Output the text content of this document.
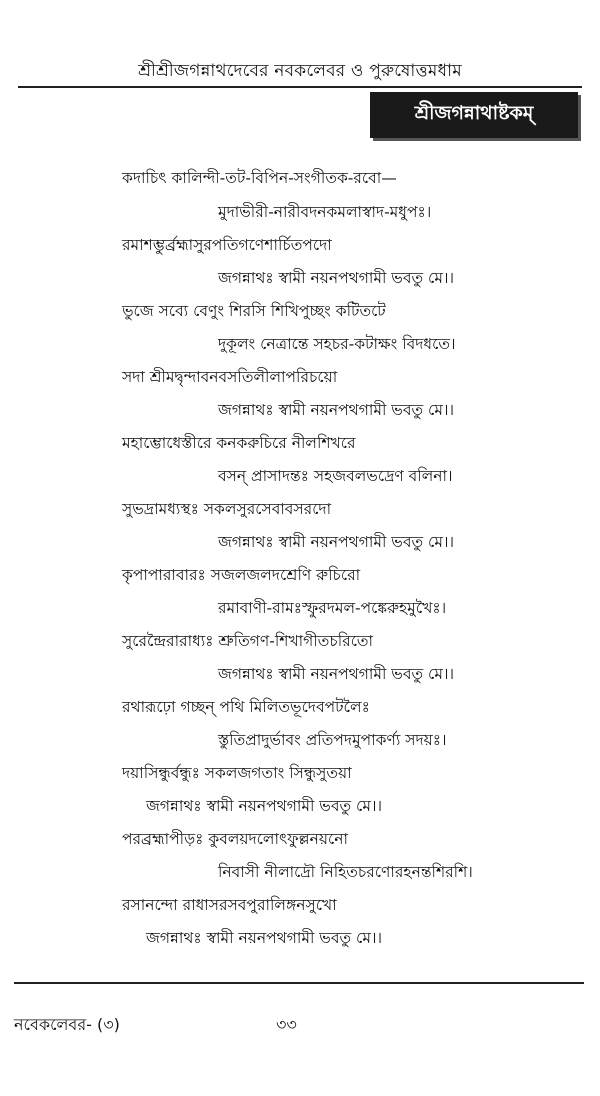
শ্রীশ্রীজগন্নাথদেবের নবকলেবর ও পুরুষোত্তমধাম
শ্রীজগন্নাথাষ্টকম্
কদাচিৎ কালিন্দী-তট-বিপিন-সংগীতক-রবো—
মুদাভীরী-নারীবদনকমলাস্বাদ-মধুপঃ।
রমাশম্ভুর্ব্রহ্মাসুরপতিগণেশার্চিতপদো
জগন্নাথঃ স্বামী নয়নপথগামী ভবতু মে।।
ভুজে সব্যে বেণুং শিরসি শিখিপুচ্ছং কটিতটে
দুকূলং নেত্রান্তে সহচর-কটাক্ষং বিদধতে।
সদা শ্রীমদ্বৃন্দাবনবসতিলীলাপরিচয়ো
জগন্নাথঃ স্বামী নয়নপথগামী ভবতু মে।।
মহাম্ভোধেস্তীরে কনকরুচিরে নীলশিখরে
বসন্ প্রাসাদন্তঃ সহজবলভদ্রেণ বলিনা।
সুভদ্রামধ্যস্থঃ সকলসুরসেবাবসরদো
জগন্নাথঃ স্বামী নয়নপথগামী ভবতু মে।।
কৃপাপারাবারঃ সজলজলদশ্রেণি রুচিরো
রমাবাণী-রামঃস্ফুরদমল-পঙ্কেরুহমুখৈঃ।
সুরেন্দ্রৈরারাধ্যঃ শ্রুতিগণ-শিখাগীতচরিতো
জগন্নাথঃ স্বামী নয়নপথগামী ভবতু মে।।
রথারূঢ়ো গচ্ছন্ পথি মিলিতভূদেবপটলৈঃ
স্তুতিপ্রাদুর্ভাবং প্রতিপদমুপাকর্ণ্য সদয়ঃ।
দয়াসিন্ধুর্বন্ধুঃ সকলজগতাং সিন্ধুসুতয়া
জগন্নাথঃ স্বামী নয়নপথগামী ভবতু মে।।
পরব্রহ্মাপীড়ঃ কুবলয়দলোৎফুল্লনয়নো
নিবাসী নীলাদ্রৌ নিহিতচরণোরহনন্তশিরশি।
রসানন্দো রাধাসরসবপুরালিঙ্গনসুখো
জগন্নাথঃ স্বামী নয়নপথগামী ভবতু মে।।
নবেকলেবর- (৩)	৩৩
